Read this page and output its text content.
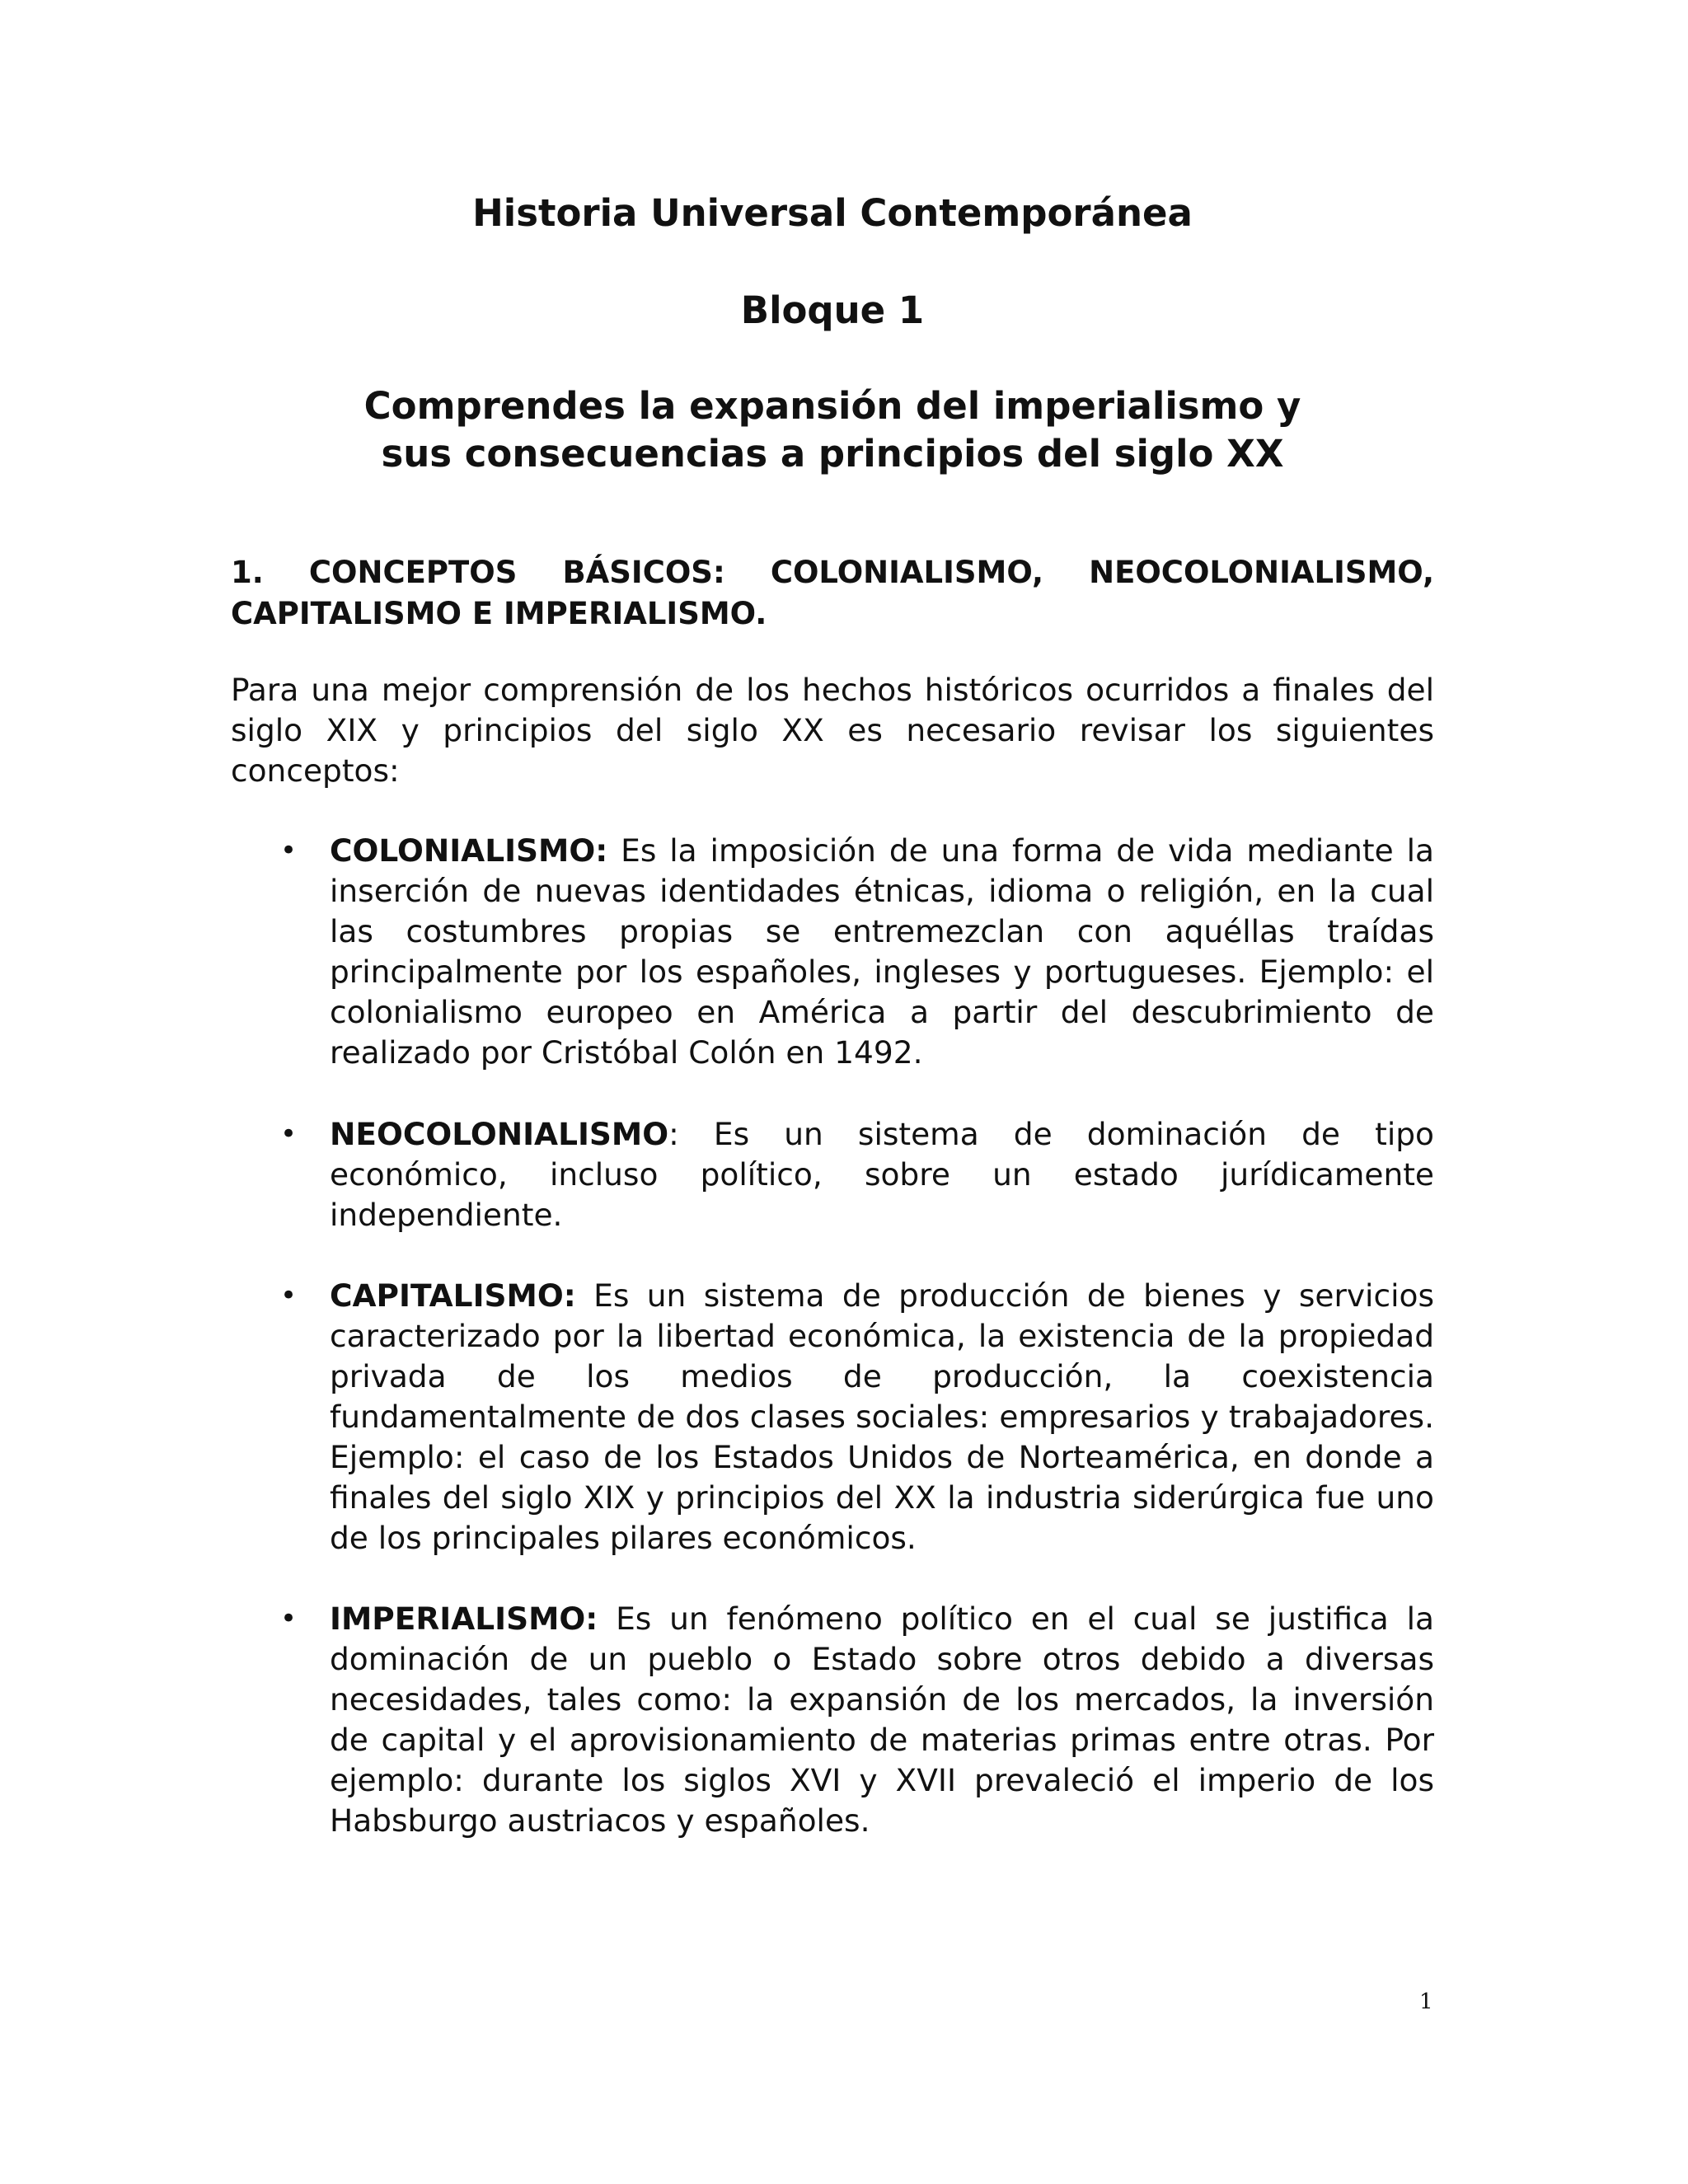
Historia Universal Contemporánea
Bloque 1
Comprendes la expansión del imperialismo y
sus consecuencias a principios del siglo XX
1. CONCEPTOS BÁSICOS: COLONIALISMO, NEOCOLONIALISMO,
CAPITALISMO E IMPERIALISMO.

Para una mejor comprensión de los hechos históricos ocurridos a finales del siglo XIX y principios del siglo XX es necesario revisar los siguientes conceptos:

• COLONIALISMO: Es la imposición de una forma de vida mediante la inserción de nuevas identidades étnicas, idioma o religión, en la cual las costumbres propias se entremezclan con aquéllas traídas principalmente por los españoles, ingleses y portugueses. Ejemplo: el colonialismo europeo en América a partir del descubrimiento de realizado por Cristóbal Colón en 1492.
• NEOCOLONIALISMO: Es un sistema de dominación de tipo económico, incluso político, sobre un estado jurídicamente independiente.
• CAPITALISMO: Es un sistema de producción de bienes y servicios caracterizado por la libertad económica, la existencia de la propiedad privada de los medios de producción, la coexistencia fundamentalmente de dos clases sociales: empresarios y trabajadores. Ejemplo: el caso de los Estados Unidos de Norteamérica, en donde a finales del siglo XIX y principios del XX la industria siderúrgica fue uno de los principales pilares económicos.
• IMPERIALISMO: Es un fenómeno político en el cual se justifica la dominación de un pueblo o Estado sobre otros debido a diversas necesidades, tales como: la expansión de los mercados, la inversión de capital y el aprovisionamiento de materias primas entre otras. Por ejemplo: durante los siglos XVI y XVII prevaleció el imperio de los Habsburgo austriacos y españoles.
1
